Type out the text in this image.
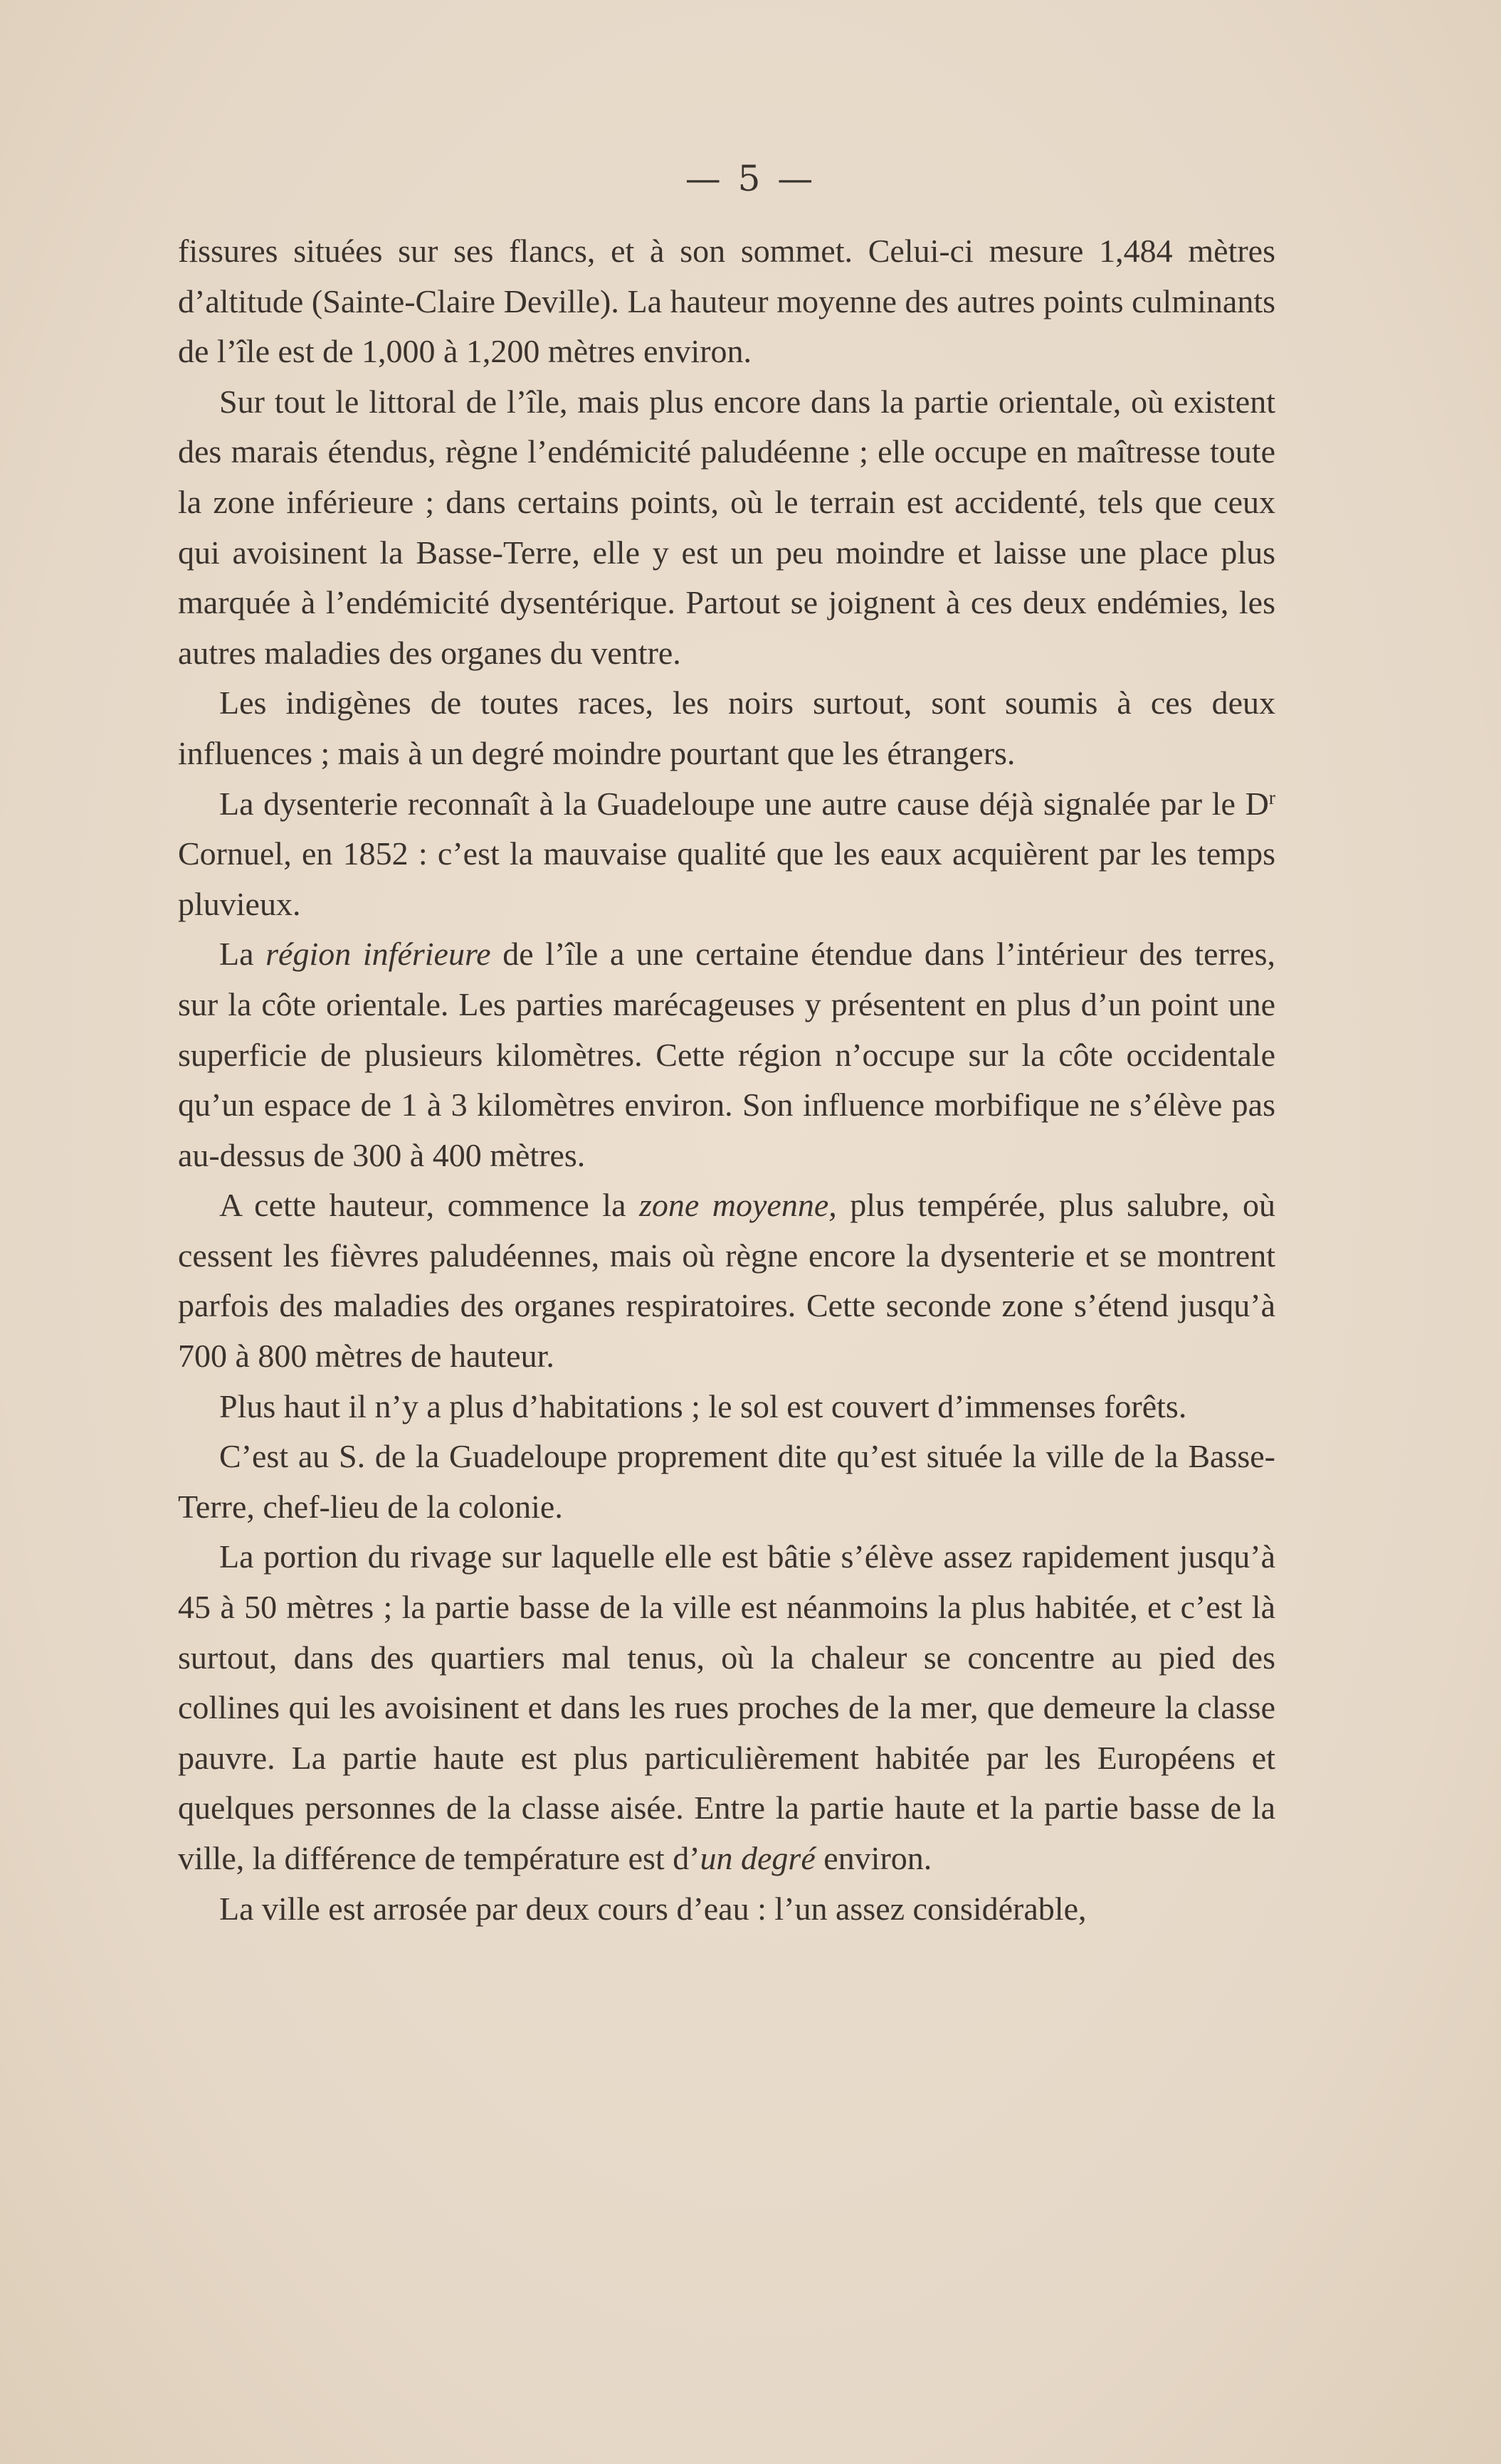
— 5 —

fissures situées sur ses flancs, et à son sommet. Celui-ci mesure 1,484 mètres d’altitude (Sainte-Claire Deville). La hauteur moyenne des autres points culminants de l’île est de 1,000 à 1,200 mètres environ.

Sur tout le littoral de l’île, mais plus encore dans la partie orientale, où existent des marais étendus, règne l’endémicité paludéenne ; elle occupe en maîtresse toute la zone inférieure ; dans certains points, où le terrain est accidenté, tels que ceux qui avoisinent la Basse-Terre, elle y est un peu moindre et laisse une place plus marquée à l’endémicité dysentérique. Partout se joignent à ces deux endémies, les autres maladies des organes du ventre.

Les indigènes de toutes races, les noirs surtout, sont soumis à ces deux influences ; mais à un degré moindre pourtant que les étrangers.

La dysenterie reconnaît à la Guadeloupe une autre cause déjà signalée par le $D^r$ Cornuel, en 1852 : c’est la mauvaise qualité que les eaux acquièrent par les temps pluvieux.

La région inférieure de l’île a une certaine étendue dans l’intérieur des terres, sur la côte orientale. Les parties marécageuses y présentent en plus d’un point une superficie de plusieurs kilomètres. Cette région n’occupe sur la côte occidentale qu’un espace de 1 à 3 kilomètres environ. Son influence morbifique ne s’élève pas au-dessus de 300 à 400 mètres.

A cette hauteur, commence la zone moyenne, plus tempérée, plus salubre, où cessent les fièvres paludéennes, mais où règne encore la dysenterie et se montrent parfois des maladies des organes respiratoires. Cette seconde zone s’étend jusqu’à 700 à 800 mètres de hauteur.

Plus haut il n’y a plus d’habitations ; le sol est couvert d’immenses forêts.

C’est au S. de la Guadeloupe proprement dite qu’est située la ville de la Basse-Terre, chef-lieu de la colonie.

La portion du rivage sur laquelle elle est bâtie s’élève assez rapidement jusqu’à 45 à 50 mètres ; la partie basse de la ville est néanmoins la plus habitée, et c’est là surtout, dans des quartiers mal tenus, où la chaleur se concentre au pied des collines qui les avoisinent et dans les rues proches de la mer, que demeure la classe pauvre. La partie haute est plus particulièrement habitée par les Européens et quelques personnes de la classe aisée. Entre la partie haute et la partie basse de la ville, la différence de température est d’un degré environ.

La ville est arrosée par deux cours d’eau : l’un assez considérable,
